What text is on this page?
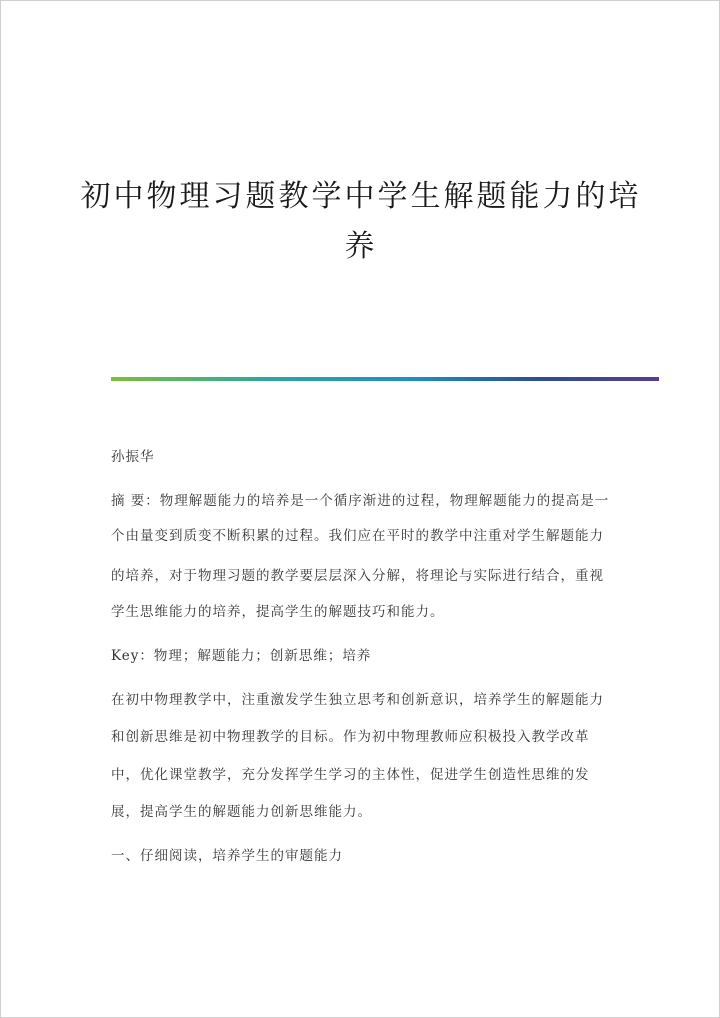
初中物理习题教学中学生解题能力的培
养

孙振华

摘 要：物理解题能力的培养是一个循序渐进的过程，物理解题能力的提高是一

个由量变到质变不断积累的过程。我们应在平时的教学中注重对学生解题能力

的培养，对于物理习题的教学要层层深入分解，将理论与实际进行结合，重视

学生思维能力的培养，提高学生的解题技巧和能力。

Key：物理；解题能力；创新思维；培养

在初中物理教学中，注重激发学生独立思考和创新意识，培养学生的解题能力

和创新思维是初中物理教学的目标。作为初中物理教师应积极投入教学改革

中，优化课堂教学，充分发挥学生学习的主体性，促进学生创造性思维的发

展，提高学生的解题能力创新思维能力。

一、仔细阅读，培养学生的审题能力
